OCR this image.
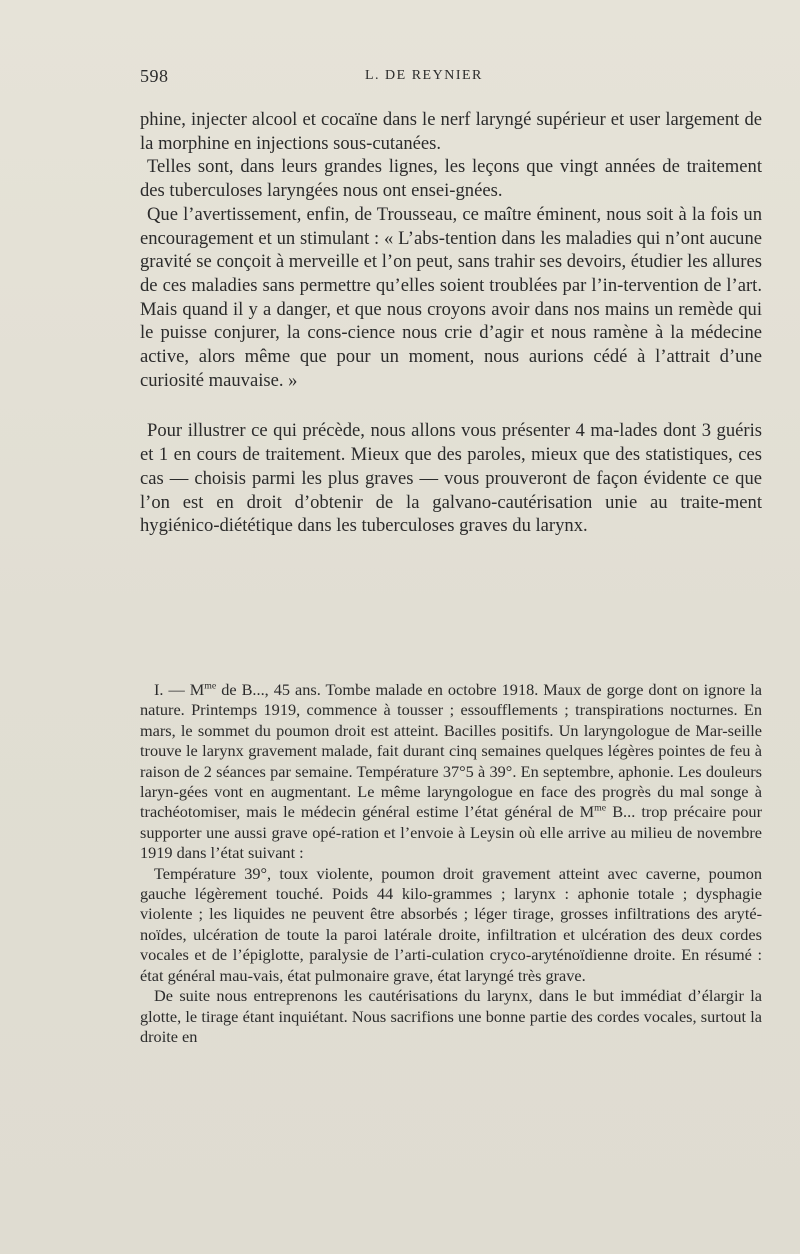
598	L. DE REYNIER

phine, injecter alcool et cocaïne dans le nerf laryngé supérieur et user largement de la morphine en injections sous-cutanées.

Telles sont, dans leurs grandes lignes, les leçons que vingt années de traitement des tuberculoses laryngées nous ont ensei-gnées.

Que l’avertissement, enfin, de Trousseau, ce maître éminent, nous soit à la fois un encouragement et un stimulant : « L’abs-tention dans les maladies qui n’ont aucune gravité se conçoit à merveille et l’on peut, sans trahir ses devoirs, étudier les allures de ces maladies sans permettre qu’elles soient troublées par l’in-tervention de l’art. Mais quand il y a danger, et que nous croyons avoir dans nos mains un remède qui le puisse conjurer, la cons-cience nous crie d’agir et nous ramène à la médecine active, alors même que pour un moment, nous aurions cédé à l’attrait d’une curiosité mauvaise. »

Pour illustrer ce qui précède, nous allons vous présenter 4 ma-lades dont 3 guéris et 1 en cours de traitement. Mieux que des paroles, mieux que des statistiques, ces cas — choisis parmi les plus graves — vous prouveront de façon évidente ce que l’on est en droit d’obtenir de la galvano-cautérisation unie au traite-ment hygiénico-diététique dans les tuberculoses graves du larynx.

I. — $M^{me}$ de B..., 45 ans. Tombe malade en octobre 1918. Maux de gorge dont on ignore la nature. Printemps 1919, commence à tousser ; essoufflements ; transpirations nocturnes. En mars, le sommet du poumon droit est atteint. Bacilles positifs. Un laryngologue de Mar-seille trouve le larynx gravement malade, fait durant cinq semaines quelques légères pointes de feu à raison de 2 séances par semaine. Température 37°5 à 39°. En septembre, aphonie. Les douleurs laryn-gées vont en augmentant. Le même laryngologue en face des progrès du mal songe à trachéotomiser, mais le médecin général estime l’état général de $M^{me}$ B... trop précaire pour supporter une aussi grave opé-ration et l’envoie à Leysin où elle arrive au milieu de novembre 1919 dans l’état suivant :

Température 39°, toux violente, poumon droit gravement atteint avec caverne, poumon gauche légèrement touché. Poids 44 kilo-grammes ; larynx : aphonie totale ; dysphagie violente ; les liquides ne peuvent être absorbés ; léger tirage, grosses infiltrations des aryté-noïdes, ulcération de toute la paroi latérale droite, infiltration et ulcération des deux cordes vocales et de l’épiglotte, paralysie de l’arti-culation cryco-aryténoïdienne droite. En résumé : état général mau-vais, état pulmonaire grave, état laryngé très grave.

De suite nous entreprenons les cautérisations du larynx, dans le but immédiat d’élargir la glotte, le tirage étant inquiétant. Nous sacrifions une bonne partie des cordes vocales, surtout la droite en
